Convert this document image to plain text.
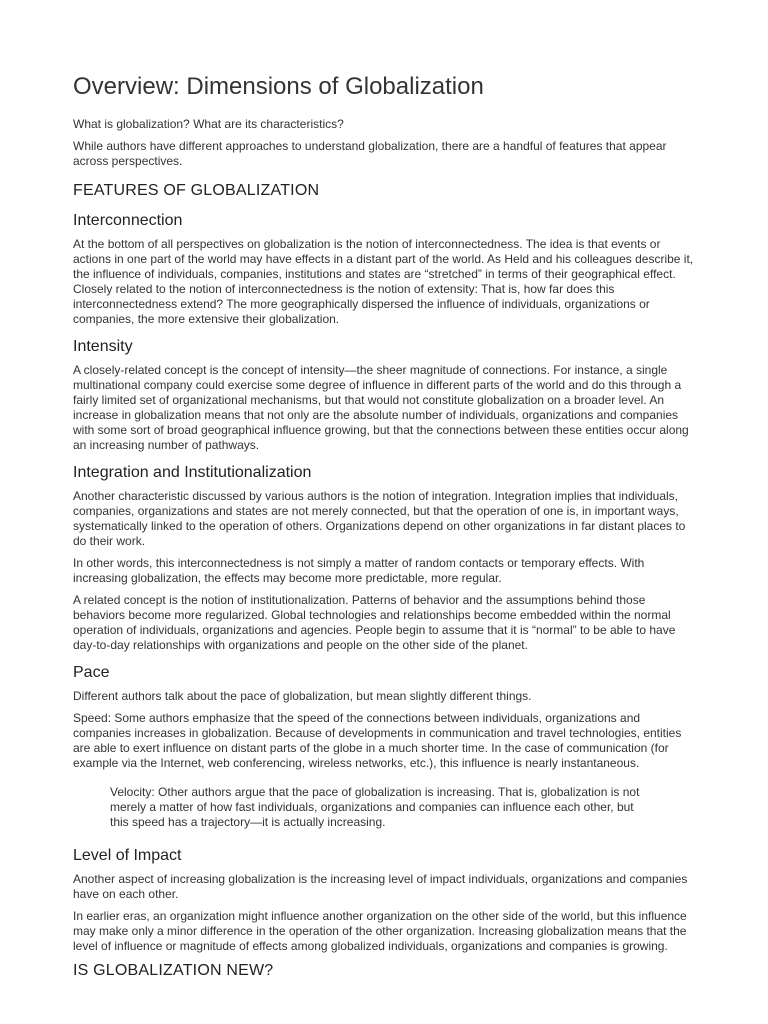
Overview: Dimensions of Globalization

What is globalization? What are its characteristics?

While authors have different approaches to understand globalization, there are a handful of features that appear across perspectives.

FEATURES OF GLOBALIZATION
Interconnection

At the bottom of all perspectives on globalization is the notion of interconnectedness. The idea is that events or actions in one part of the world may have effects in a distant part of the world. As Held and his colleagues describe it, the influence of individuals, companies, institutions and states are “stretched” in terms of their geographical effect. Closely related to the notion of interconnectedness is the notion of extensity: That is, how far does this interconnectedness extend? The more geographically dispersed the influence of individuals, organizations or companies, the more extensive their globalization.

Intensity

A closely-related concept is the concept of intensity—the sheer magnitude of connections. For instance, a single multinational company could exercise some degree of influence in different parts of the world and do this through a fairly limited set of organizational mechanisms, but that would not constitute globalization on a broader level. An increase in globalization means that not only are the absolute number of individuals, organizations and companies with some sort of broad geographical influence growing, but that the connections between these entities occur along an increasing number of pathways.

Integration and Institutionalization

Another characteristic discussed by various authors is the notion of integration. Integration implies that individuals, companies, organizations and states are not merely connected, but that the operation of one is, in important ways, systematically linked to the operation of others. Organizations depend on other organizations in far distant places to do their work.

In other words, this interconnectedness is not simply a matter of random contacts or temporary effects. With increasing globalization, the effects may become more predictable, more regular.

A related concept is the notion of institutionalization. Patterns of behavior and the assumptions behind those behaviors become more regularized. Global technologies and relationships become embedded within the normal operation of individuals, organizations and agencies. People begin to assume that it is “normal” to be able to have day-to-day relationships with organizations and people on the other side of the planet.

Pace

Different authors talk about the pace of globalization, but mean slightly different things.

Speed: Some authors emphasize that the speed of the connections between individuals, organizations and companies increases in globalization. Because of developments in communication and travel technologies, entities are able to exert influence on distant parts of the globe in a much shorter time. In the case of communication (for example via the Internet, web conferencing, wireless networks, etc.), this influence is nearly instantaneous.

Velocity: Other authors argue that the pace of globalization is increasing. That is, globalization is not merely a matter of how fast individuals, organizations and companies can influence each other, but this speed has a trajectory—it is actually increasing.

Level of Impact

Another aspect of increasing globalization is the increasing level of impact individuals, organizations and companies have on each other.

In earlier eras, an organization might influence another organization on the other side of the world, but this influence may make only a minor difference in the operation of the other organization. Increasing globalization means that the level of influence or magnitude of effects among globalized individuals, organizations and companies is growing.

IS GLOBALIZATION NEW?
